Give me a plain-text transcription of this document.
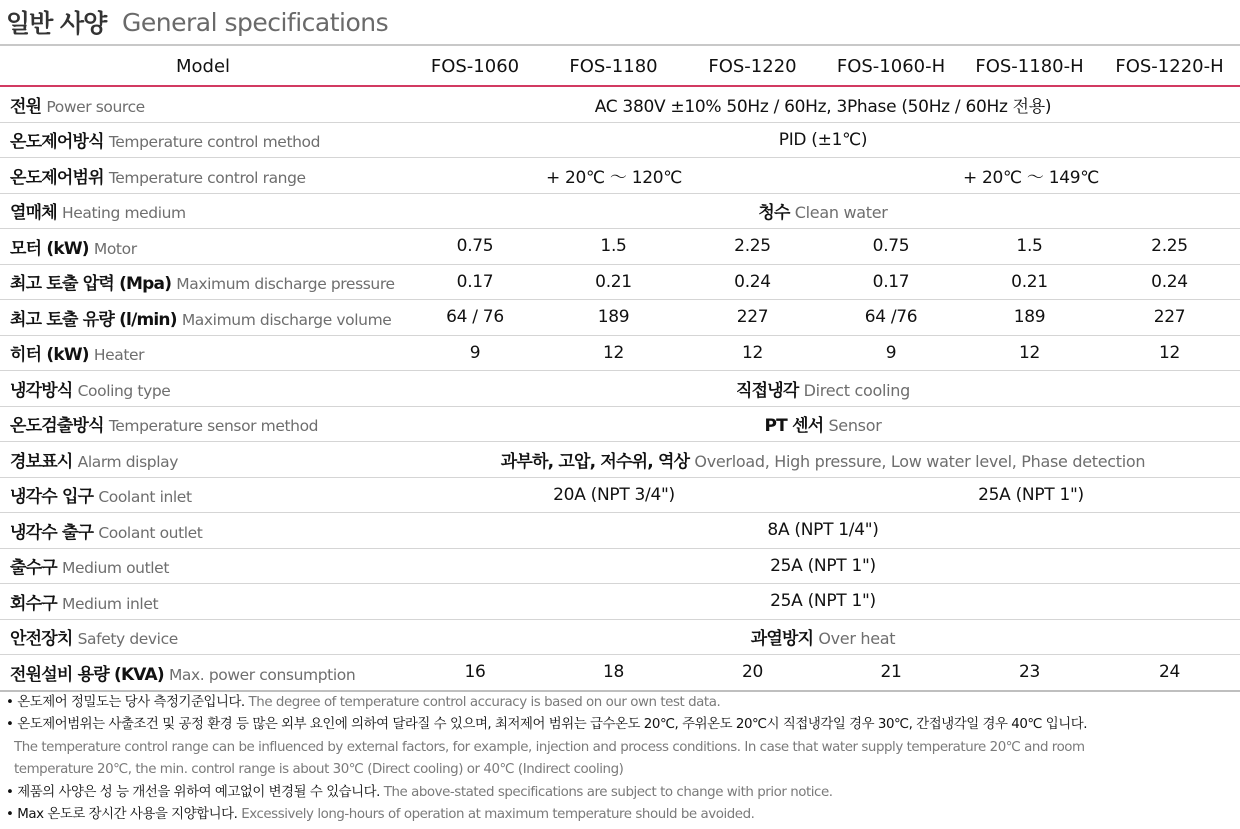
일반 사양 General specifications
Model	FOS-1060	FOS-1180	FOS-1220	FOS-1060-H	FOS-1180-H	FOS-1220-H
전원 Power source	AC 380V ±10% 50Hz / 60Hz, 3Phase (50Hz / 60Hz 전용)					
온도제어방식 Temperature control method	PID (±1℃)					
온도제어범위 Temperature control range	+ 20℃ ～ 120℃			+ 20℃ ～ 149℃		
열매체 Heating medium	청수 Clean water					
모터 (kW) Motor	0.75	1.5	2.25	0.75	1.5	2.25
최고 토출 압력 (Mpa) Maximum discharge pressure	0.17	0.21	0.24	0.17	0.21	0.24
최고 토출 유량 (l/min) Maximum discharge volume	64 / 76	189	227	64 /76	189	227
히터 (kW) Heater	9	12	12	9	12	12
냉각방식 Cooling type	직접냉각 Direct cooling					
온도검출방식 Temperature sensor method	PT 센서 Sensor					
경보표시 Alarm display	과부하, 고압, 저수위, 역상 Overload, High pressure, Low water level, Phase detection					
냉각수 입구 Coolant inlet	20A (NPT 3/4")			25A (NPT 1")		
냉각수 출구 Coolant outlet	8A (NPT 1/4")					
출수구 Medium outlet	25A (NPT 1")					
회수구 Medium inlet	25A (NPT 1")					
안전장치 Safety device	과열방지 Over heat					
전원설비 용량 (KVA) Max. power consumption	16	18	20	21	23	24
• 온도제어 정밀도는 당사 측정기준입니다. The degree of temperature control accuracy is based on our own test data.
• 온도제어범위는 사출조건 및 공정 환경 등 많은 외부 요인에 의하여 달라질 수 있으며, 최저제어 범위는 급수온도 20℃, 주위온도 20℃시 직접냉각일 경우 30℃, 간접냉각일 경우 40℃ 입니다.
The temperature control range can be influenced by external factors, for example, injection and process conditions. In case that water supply temperature 20℃ and room
temperature 20℃, the min. control range is about 30℃ (Direct cooling) or 40℃ (Indirect cooling)
• 제품의 사양은 성 능 개선을 위하여 예고없이 변경될 수 있습니다. The above-stated specifications are subject to change with prior notice.
• Max 온도로 장시간 사용을 지양합니다. Excessively long-hours of operation at maximum temperature should be avoided.
